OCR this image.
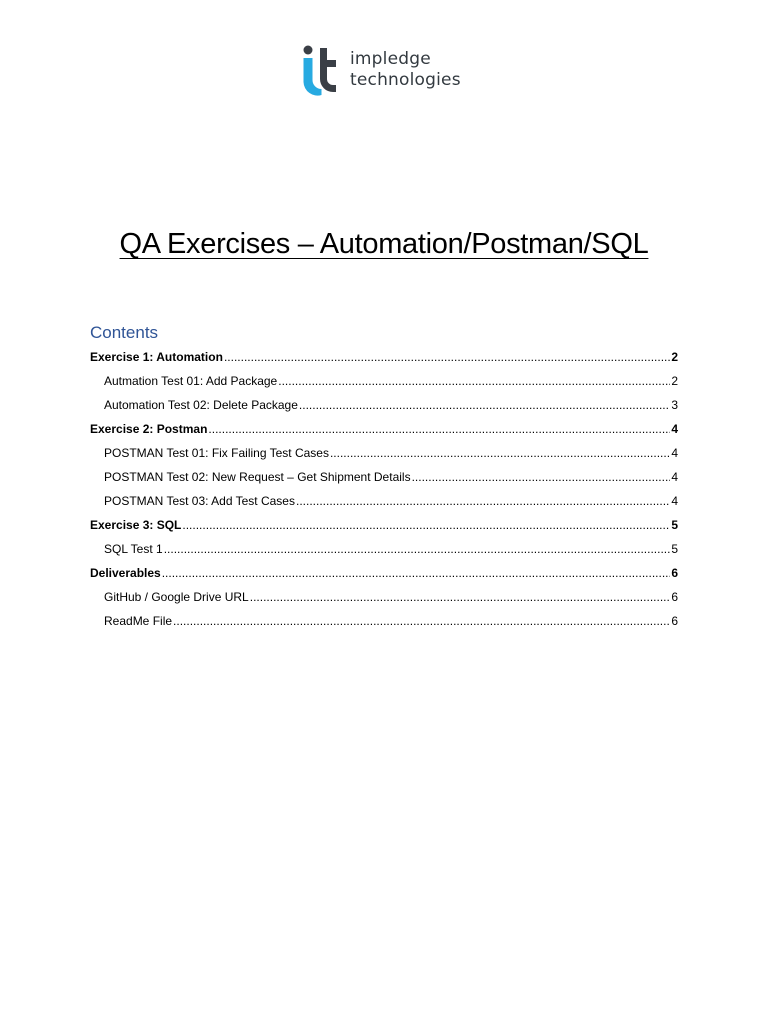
impledge
technologies
QA Exercises – Automation/Postman/SQL
Contents
Exercise 1: Automation .....	2
Autmation Test 01: Add Package .....	2
Automation Test 02: Delete Package .....	3
Exercise 2: Postman .....	4
POSTMAN Test 01: Fix Failing Test Cases .....	4
POSTMAN Test 02: New Request – Get Shipment Details .....	4
POSTMAN Test 03: Add Test Cases .....	4
Exercise 3: SQL .....	5
SQL Test 1 .....	5
Deliverables .....	6
GitHub / Google Drive URL .....	6
ReadMe File .....	6
